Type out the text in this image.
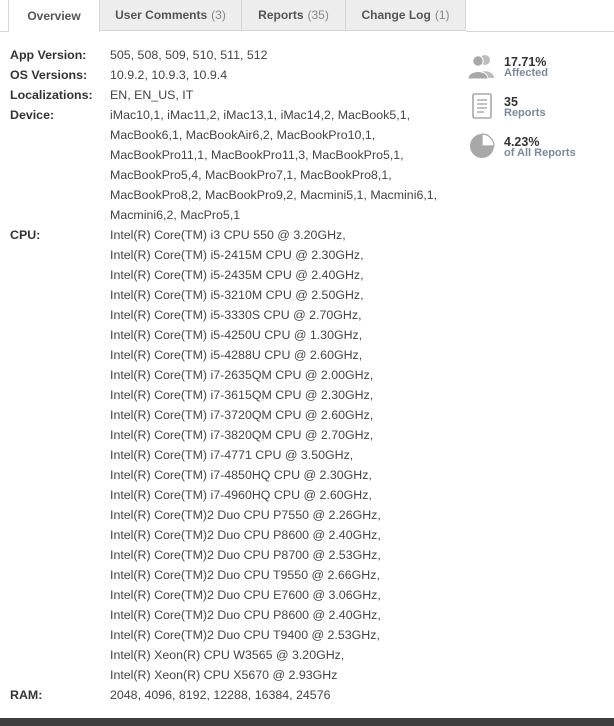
Overview	User Comments (3)	Reports (35)	Change Log (1)
App Version:	505, 508, 509, 510, 511, 512
OS Versions:	10.9.2, 10.9.3, 10.9.4
Localizations:	EN, EN_US, IT
Device:	iMac10,1, iMac11,2, iMac13,1, iMac14,2, MacBook5,1,
MacBook6,1, MacBookAir6,2, MacBookPro10,1,
MacBookPro11,1, MacBookPro11,3, MacBookPro5,1,
MacBookPro5,4, MacBookPro7,1, MacBookPro8,1,
MacBookPro8,2, MacBookPro9,2, Macmini5,1, Macmini6,1,
Macmini6,2, MacPro5,1
CPU:	Intel(R) Core(TM) i3 CPU 550 @ 3.20GHz,
Intel(R) Core(TM) i5-2415M CPU @ 2.30GHz,
Intel(R) Core(TM) i5-2435M CPU @ 2.40GHz,
Intel(R) Core(TM) i5-3210M CPU @ 2.50GHz,
Intel(R) Core(TM) i5-3330S CPU @ 2.70GHz,
Intel(R) Core(TM) i5-4250U CPU @ 1.30GHz,
Intel(R) Core(TM) i5-4288U CPU @ 2.60GHz,
Intel(R) Core(TM) i7-2635QM CPU @ 2.00GHz,
Intel(R) Core(TM) i7-3615QM CPU @ 2.30GHz,
Intel(R) Core(TM) i7-3720QM CPU @ 2.60GHz,
Intel(R) Core(TM) i7-3820QM CPU @ 2.70GHz,
Intel(R) Core(TM) i7-4771 CPU @ 3.50GHz,
Intel(R) Core(TM) i7-4850HQ CPU @ 2.30GHz,
Intel(R) Core(TM) i7-4960HQ CPU @ 2.60GHz,
Intel(R) Core(TM)2 Duo CPU P7550 @ 2.26GHz,
Intel(R) Core(TM)2 Duo CPU P8600 @ 2.40GHz,
Intel(R) Core(TM)2 Duo CPU P8700 @ 2.53GHz,
Intel(R) Core(TM)2 Duo CPU T9550 @ 2.66GHz,
Intel(R) Core(TM)2 Duo CPU E7600 @ 3.06GHz,
Intel(R) Core(TM)2 Duo CPU P8600 @ 2.40GHz,
Intel(R) Core(TM)2 Duo CPU T9400 @ 2.53GHz,
Intel(R) Xeon(R) CPU W3565 @ 3.20GHz,
Intel(R) Xeon(R) CPU X5670 @ 2.93GHz
RAM:	2048, 4096, 8192, 12288, 16384, 24576
17.71%
Affected
35
Reports
4.23%
of All Reports
